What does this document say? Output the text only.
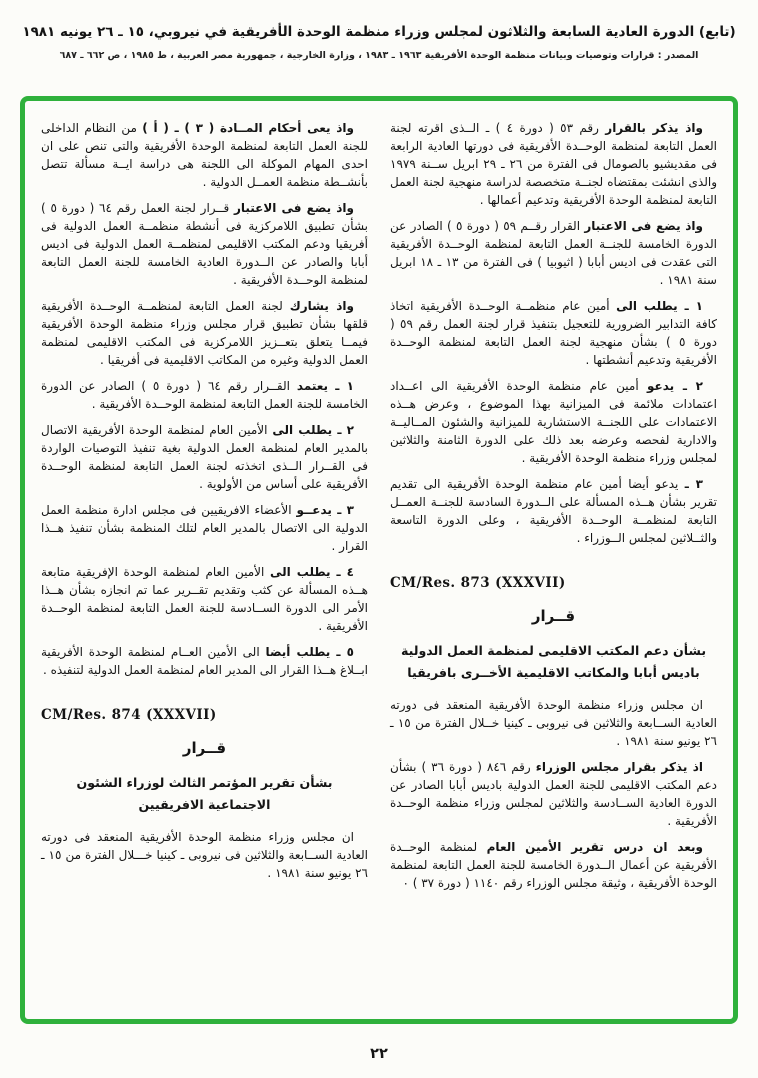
(تابع) الدورة العادية السابعة والثلاثون لمجلس وزراء منظمة الوحدة الأفريقية في نيروبي، ١٥ ـ ٢٦ يونيه ١٩٨١
المصدر : قرارات وتوصيات وبيانات منظمة الوحدة الأفريقية ١٩٦٣ ـ ١٩٨٣ ، وزارة الخارجية ، جمهورية مصر العربية ، ط ١٩٨٥ ، ص ٦٦٢ ـ ٦٨٧

واذ يذكر بالقرار رقم ٥٣ ( دورة ٤ ) ـ الــذى اقرته لجنة العمل التابعة لمنظمة الوحــدة الأفريقية فى دورتها العادية الرابعة فى مقديشيو بالصومال فى الفترة من ٢٦ ـ ٢٩ ابريل ســنة ١٩٧٩ والذى انشئت بمقتضاه لجنــة متخصصة لدراسة منهجية لجنة العمل التابعة لمنظمة الوحدة الأفريقية وتدعيم أعمالها .

واذ يضع فى الاعتبار القرار رقــم ٥٩ ( دورة ٥ ) الصادر عن الدورة الخامسة للجنــة العمل التابعة لمنظمة الوحــدة الأفريقية التى عقدت فى اديس أبابا ( اثيوبيا ) فى الفترة من ١٣ ـ ١٨ ابريل سنة ١٩٨١ .

١ ـ يطلب الى أمين عام منظمــة الوحــدة الأفريقية اتخاذ كافة التدابير الضرورية للتعجيل بتنفيذ قرار لجنة العمل رقم ٥٩ ( دورة ٥ ) بشأن منهجية لجنة العمل التابعة لمنظمة الوحــدة الأفريقية وتدعيم أنشطتها .

٢ ـ يدعو أمين عام منظمة الوحدة الأفريقية الى اعــداد اعتمادات ملائمة فى الميزانية بهذا الموضوع ، وعرض هــذه الاعتمادات على اللجنــة الاستشارية للميزانية والشئون المــاليــة والادارية لفحصه وعرضه بعد ذلك على الدورة الثامنة والثلاثين لمجلس وزراء منظمة الوحدة الأفريقية .

٣ ـ يدعو أيضا أمين عام منظمة الوحدة الأفريقية الى تقديم تقرير بشأن هــذه المسألة على الــدورة السادسة للجنــة العمــل التابعة لمنظمــة الوحــدة الأفريقية ، وعلى الدورة التاسعة والثــلاثين لمجلس الــوزراء .

CM/Res. 873 (XXXVII)
قــرار
بشأن دعم المكتب الاقليمى لمنظمة العمل الدولية باديس أبابا والمكاتب الاقليمية الأخــرى بافريقيا

ان مجلس وزراء منظمة الوحدة الأفريقية المنعقد فى دورته العادية الســابعة والثلاثين فى نيروبى ـ كينيا خــلال الفترة من ١٥ ـ ٢٦ يونيو سنة ١٩٨١ .

اذ يذكر بقرار مجلس الوزراء رقم ٨٤٦ ( دورة ٣٦ ) بشأن دعم المكتب الاقليمى للجنة العمل الدولية باديس أبابا الصادر عن الدورة العادية الســادسة والثلاثين لمجلس وزراء منظمة الوحــدة الأفريقية .

وبعد ان درس تقرير الأمين العام لمنظمة الوحــدة الأفريقية عن أعمال الــدورة الخامسة للجنة العمل التابعة لمنظمة الوحدة الأفريقية ، وثيقة مجلس الوزراء رقم ١١٤٠ ( دورة ٣٧ ) ٠

واذ يعى أحكام المــادة ( ٣ ) ـ ( أ ) من النظام الداخلى للجنة العمل التابعة لمنظمة الوحدة الأفريقية والتى تنص على ان احدى المهام الموكلة الى اللجنة هى دراسة ايــة مسألة تتصل بأنشــطة منظمة العمــل الدولية .

واذ يضع فى الاعتبار قــرار لجنة العمل رقم ٦٤ ( دورة ٥ ) بشأن تطبيق اللامركزية فى أنشطة منظمــة العمل الدولية فى أفريقيا ودعم المكتب الاقليمى لمنظمــة العمل الدولية فى اديس أبابا والصادر عن الــدورة العادية الخامسة للجنة العمل التابعة لمنظمة الوحــدة الأفريقية .

واذ يشارك لجنة العمل التابعة لمنظمــة الوحــدة الأفريقية قلقها بشأن تطبيق قرار مجلس وزراء منظمة الوحدة الأفريقية فيمــا يتعلق بتعــزيز اللامركزية فى المكتب الاقليمى لمنظمة العمل الدولية وغيره من المكاتب الاقليمية فى أفريقيا .

١ ـ يعتمد القــرار رقم ٦٤ ( دورة ٥ ) الصادر عن الدورة الخامسة للجنة العمل التابعة لمنظمة الوحــدة الأفريقية .

٢ ـ يطلب الى الأمين العام لمنظمة الوحدة الأفريقية الاتصال بالمدير العام لمنظمة العمل الدولية بغية تنفيذ التوصيات الواردة فى القــرار الــذى اتخذته لجنة العمل التابعة لمنظمة الوحــدة الأفريقية على أساس من الأولوية .

٣ ـ يدعــو الأعضاء الافريقيين فى مجلس ادارة منظمة العمل الدولية الى الاتصال بالمدير العام لتلك المنظمة بشأن تنفيذ هــذا القرار .

٤ ـ يطلب الى الأمين العام لمنظمة الوحدة الإفريقية متابعة هــذه المسألة عن كثب وتقديم تقــرير عما تم انجازه بشأن هــذا الأمر الى الدورة الســادسة للجنة العمل التابعة لمنظمة الوحــدة الأفريقية .

٥ ـ يطلب أيضا الى الأمين العــام لمنظمة الوحدة الأفريقية ابــلاغ هــذا القرار الى المدير العام لمنظمة العمل الدولية لتنفيذه .

CM/Res. 874 (XXXVII)
قــرار
بشأن تقرير المؤتمر الثالث لوزراء الشئون الاجتماعية الافريقيين

ان مجلس وزراء منظمة الوحدة الأفريقية المنعقد فى دورته العادية الســابعة والثلاثين فى نيروبى ـ كينيا خـــلال الفترة من ١٥ ـ ٢٦ يونيو سنة ١٩٨١ .

٢٢
